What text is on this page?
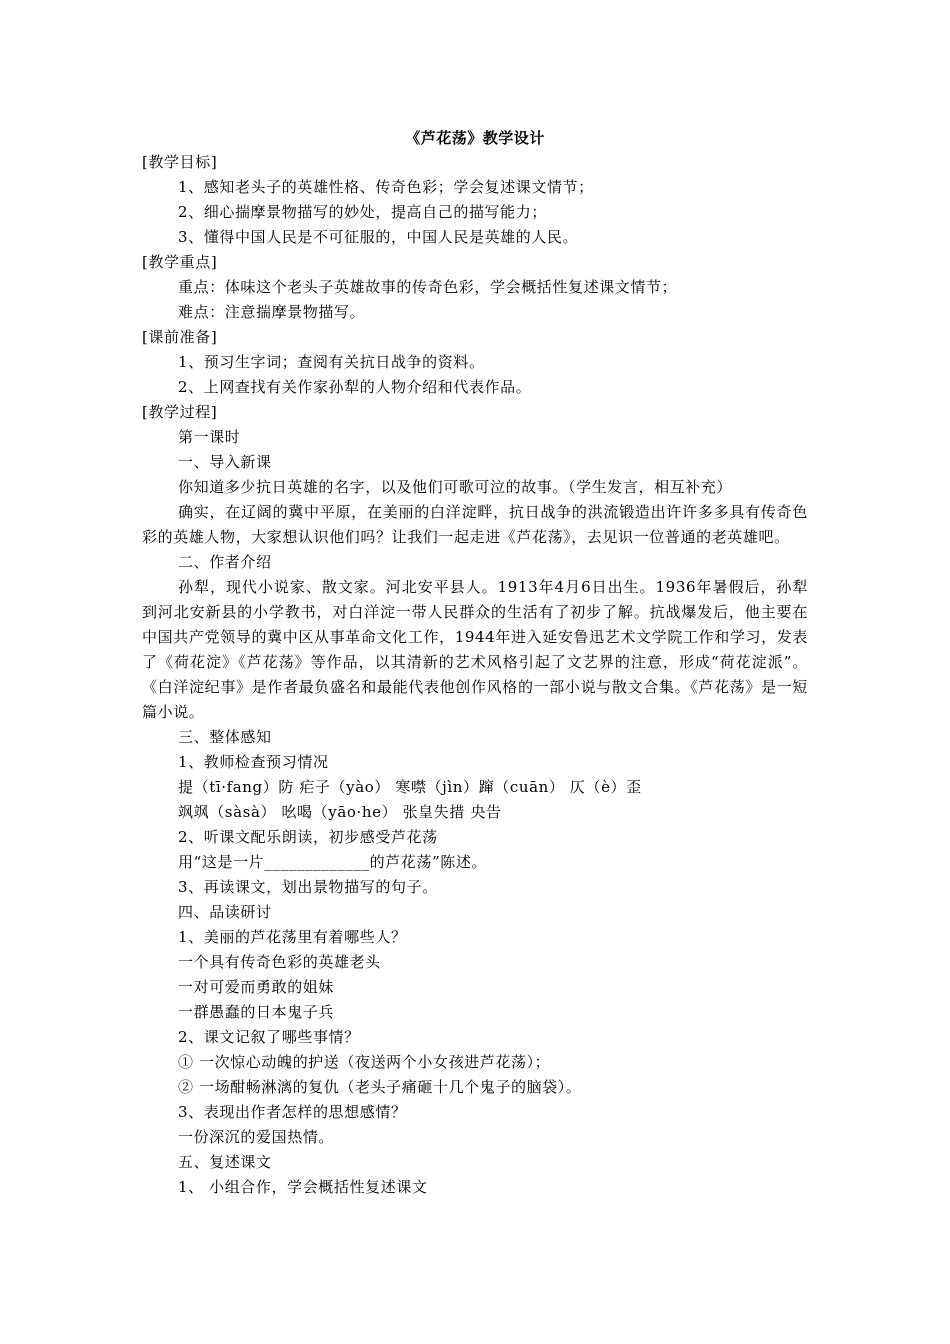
《芦花荡》教学设计
[教学目标]
1、感知老头子的英雄性格、传奇色彩；学会复述课文情节；
2、细心揣摩景物描写的妙处，提高自己的描写能力；
3、懂得中国人民是不可征服的，中国人民是英雄的人民。
[教学重点]
重点：体味这个老头子英雄故事的传奇色彩，学会概括性复述课文情节；
难点：注意揣摩景物描写。
[课前准备]
1、预习生字词；查阅有关抗日战争的资料。
2、上网查找有关作家孙犁的人物介绍和代表作品。
[教学过程]
第一课时
一、导入新课
你知道多少抗日英雄的名字，以及他们可歌可泣的故事。（学生发言，相互补充）
确实，在辽阔的冀中平原，在美丽的白洋淀畔，抗日战争的洪流锻造出许许多多具有传奇色彩的英雄人物，大家想认识他们吗？让我们一起走进《芦花荡》，去见识一位普通的老英雄吧。
二、作者介绍
孙犁，现代小说家、散文家。河北安平县人。1913年4月6日出生。1936年暑假后，孙犁到河北安新县的小学教书，对白洋淀一带人民群众的生活有了初步了解。抗战爆发后，他主要在中国共产党领导的冀中区从事革命文化工作，1944年进入延安鲁迅艺术文学院工作和学习，发表了《荷花淀》《芦花荡》等作品，以其清新的艺术风格引起了文艺界的注意，形成“荷花淀派”。《白洋淀纪事》是作者最负盛名和最能代表他创作风格的一部小说与散文合集。《芦花荡》是一短篇小说。
三、整体感知
1、教师检查预习情况
提（tī·fang）防 疟子（yào） 寒噤（jìn）蹿（cuān） 仄（è）歪
飒飒（sàsà） 吆喝（yāo·he） 张皇失措 央告
2、听课文配乐朗读，初步感受芦花荡
用“这是一片_____________的芦花荡”陈述。
3、再读课文，划出景物描写的句子。
四、品读研讨
1、美丽的芦花荡里有着哪些人？
一个具有传奇色彩的英雄老头
一对可爱而勇敢的姐妹
一群愚蠢的日本鬼子兵
2、课文记叙了哪些事情？
① 一次惊心动魄的护送（夜送两个小女孩进芦花荡）；
② 一场酣畅淋漓的复仇（老头子痛砸十几个鬼子的脑袋）。
3、表现出作者怎样的思想感情？
一份深沉的爱国热情。
五、复述课文
1、 小组合作，学会概括性复述课文
